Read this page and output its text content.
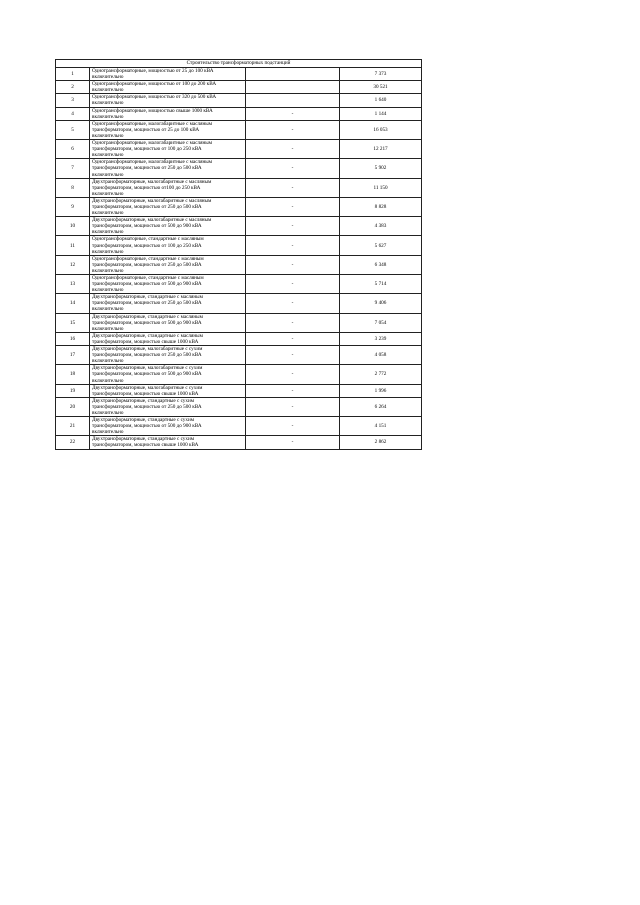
Строительство трансформаторных подстанций			
1	Однотрансформаторные, мощностью от 25 до 100 кВА
включительно		7 373
2	Однотрансформаторные, мощностью от 100 до 200 кВА
включительно		30 521
3	Однотрансформаторные, мощностью от 320 до 500 кВА
включительно		1 640
4	Однотрансформаторные, мощностью свыше 1000 кВА
включительно	-	1 144
5	Однотрансформаторные, малогабаритные с масляным
трансформатором, мощностью от 25 до 100 кВА
включительно	-	16 053
6	Однотрансформаторные, малогабаритные с масляным
трансформатором, мощностью от 100 до 250 кВА
включительно	-	12 217
7	Однотрансформаторные, малогабаритные с масляным
трансформатором, мощностью от 250 до 500 кВА
включительно	-	5 902
8	Двухтрансформаторные, малогабаритные с масляным
трансформатором, мощностью от100 до 250 кВА
включительно	-	11 150
9	Двухтрансформаторные, малогабаритные с масляным
трансформатором, мощностью от 250 до 500 кВА
включительно	-	8 828
10	Двухтрансформаторные, малогабаритные с масляным
трансформатором, мощностью от 500 до 900 кВА
включительно	-	4 383
11	Однотрансформаторные, стандартные с масляным
трансформатором, мощностью от 100 до 250 кВА
включительно	-	5 627
12	Однотрансформаторные, стандартные с масляным
трансформатором, мощностью от 250 до 500 кВА
включительно	-	6 348
13	Однотрансформаторные, стандартные с масляным
трансформатором, мощностью от 500 до 900 кВА
включительно	-	5 714
14	Двухтрансформаторные, стандартные с масляным
трансформатором, мощностью от 250 до 500 кВА
включительно	-	9 406
15	Двухтрансформаторные, стандартные с масляным
трансформатором, мощностью от 500 до 900 кВА
включительно	-	7 054
16	Двухтрансформаторные, стандартные с масляным
трансформатором, мощностью свыше 1000 кВА	-	3 239
17	Двухтрансформаторные, малогабаритные с сухим
трансформатором, мощностью от 250 до 500 кВА
включительно	-	4 058
18	Двухтрансформаторные, малогабаритные с сухим
трансформатором, мощностью от 500 до 900 кВА
включительно	-	2 772
19	Двухтрансформаторные, малогабаритные с сухим
трансформатором, мощностью свыше 1000 кВА	-	1 996
20	Двухтрансформаторные, стандартные с сухим
трансформатором, мощностью от 250 до 500 кВА
включительно	-	6 264
21	Двухтрансформаторные, стандартные с сухим
трансформатором, мощностью от 500 до 900 кВА
включительно	-	4 151
22	Двухтрансформаторные, стандартные с сухим
трансформатором, мощностью свыше 1000 кВА	-	2 862
